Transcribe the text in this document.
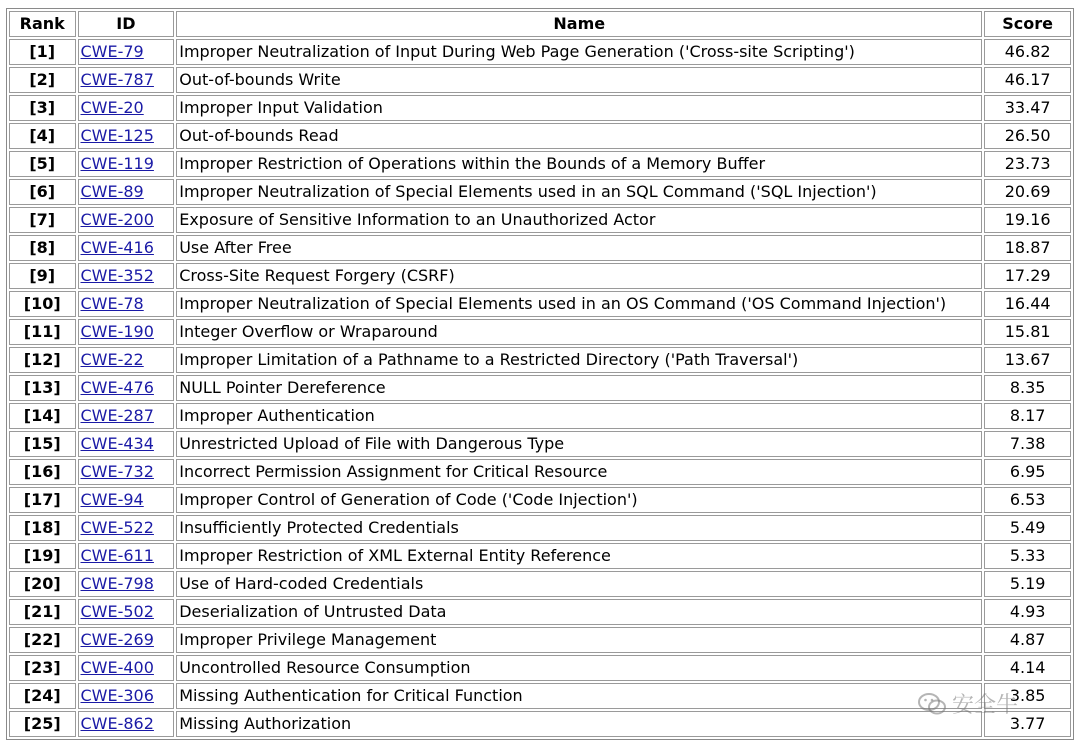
Rank	ID	Name	Score
[1]	CWE-79	Improper Neutralization of Input During Web Page Generation ('Cross-site Scripting')	46.82
[2]	CWE-787	Out-of-bounds Write	46.17
[3]	CWE-20	Improper Input Validation	33.47
[4]	CWE-125	Out-of-bounds Read	26.50
[5]	CWE-119	Improper Restriction of Operations within the Bounds of a Memory Buffer	23.73
[6]	CWE-89	Improper Neutralization of Special Elements used in an SQL Command ('SQL Injection')	20.69
[7]	CWE-200	Exposure of Sensitive Information to an Unauthorized Actor	19.16
[8]	CWE-416	Use After Free	18.87
[9]	CWE-352	Cross-Site Request Forgery (CSRF)	17.29
[10]	CWE-78	Improper Neutralization of Special Elements used in an OS Command ('OS Command Injection')	16.44
[11]	CWE-190	Integer Overflow or Wraparound	15.81
[12]	CWE-22	Improper Limitation of a Pathname to a Restricted Directory ('Path Traversal')	13.67
[13]	CWE-476	NULL Pointer Dereference	8.35
[14]	CWE-287	Improper Authentication	8.17
[15]	CWE-434	Unrestricted Upload of File with Dangerous Type	7.38
[16]	CWE-732	Incorrect Permission Assignment for Critical Resource	6.95
[17]	CWE-94	Improper Control of Generation of Code ('Code Injection')	6.53
[18]	CWE-522	Insufficiently Protected Credentials	5.49
[19]	CWE-611	Improper Restriction of XML External Entity Reference	5.33
[20]	CWE-798	Use of Hard-coded Credentials	5.19
[21]	CWE-502	Deserialization of Untrusted Data	4.93
[22]	CWE-269	Improper Privilege Management	4.87
[23]	CWE-400	Uncontrolled Resource Consumption	4.14
[24]	CWE-306	Missing Authentication for Critical Function	3.85
[25]	CWE-862	Missing Authorization	3.77
安全牛
